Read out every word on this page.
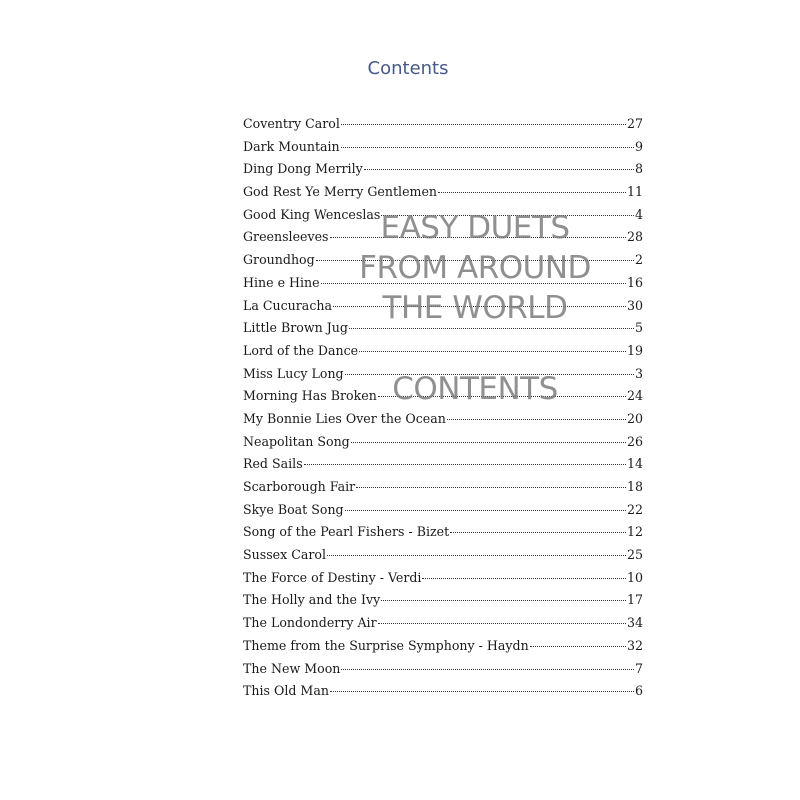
Contents
Coventry Carol	27
Dark Mountain	9
Ding Dong Merrily	8
God Rest Ye Merry Gentlemen	11
Good King Wenceslas	4
Greensleeves	28
Groundhog	2
Hine e Hine	16
La Cucuracha	30
Little Brown Jug	5
Lord of the Dance	19
Miss Lucy Long	3
Morning Has Broken	24
My Bonnie Lies Over the Ocean	20
Neapolitan Song	26
Red Sails	14
Scarborough Fair	18
Skye Boat Song	22
Song of the Pearl Fishers - Bizet	12
Sussex Carol	25
The Force of Destiny - Verdi	10
The Holly and the Ivy	17
The Londonderry Air	34
Theme from the Surprise Symphony - Haydn	32
The New Moon	7
This Old Man	6
EASY DUETS
FROM AROUND
THE WORLD
CONTENTS
